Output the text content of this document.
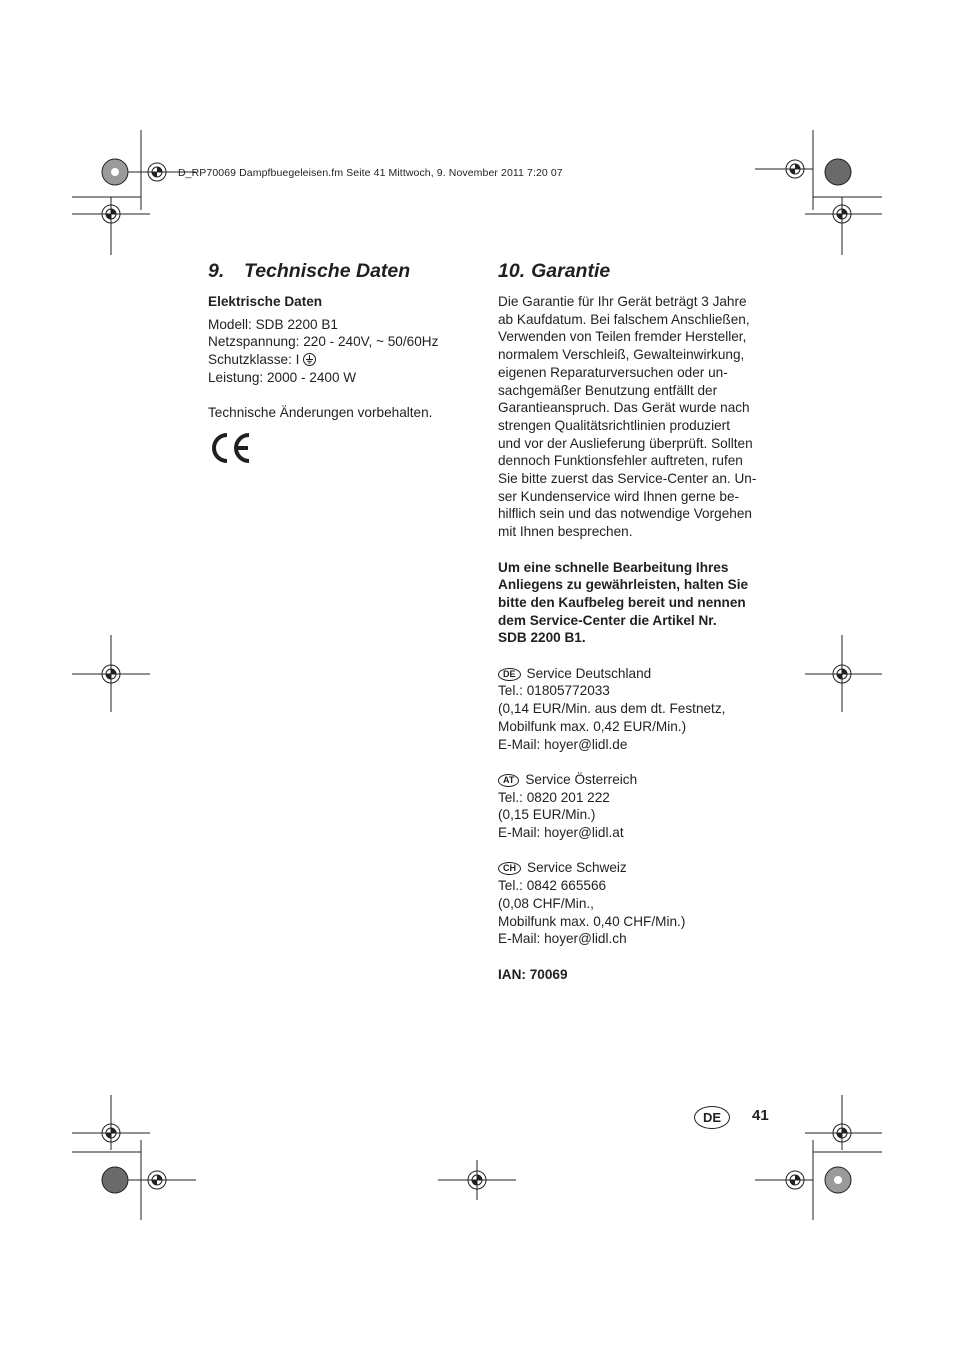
D_RP70069 Dampfbuegeleisen.fm Seite 41 Mittwoch, 9. November 2011 7:20 07
9. Technische Daten
Elektrische Daten
Modell: SDB 2200 B1
Netzspannung: 220 - 240V, ~ 50/60Hz
Schutzklasse: I
Leistung: 2000 - 2400 W
Technische Änderungen vorbehalten.
10. Garantie
Die Garantie für Ihr Gerät beträgt 3 Jahre
ab Kaufdatum. Bei falschem Anschließen,
Verwenden von Teilen fremder Hersteller,
normalem Verschleiß, Gewalteinwirkung,
eigenen Reparaturversuchen oder un-
sachgemäßer Benutzung entfällt der
Garantieanspruch. Das Gerät wurde nach
strengen Qualitätsrichtlinien produziert
und vor der Auslieferung überprüft. Sollten
dennoch Funktionsfehler auftreten, rufen
Sie bitte zuerst das Service-Center an. Un-
ser Kundenservice wird Ihnen gerne be-
hilflich sein und das notwendige Vorgehen
mit Ihnen besprechen.
Um eine schnelle Bearbeitung Ihres
Anliegens zu gewährleisten, halten Sie
bitte den Kaufbeleg bereit und nennen
dem Service-Center die Artikel Nr.
SDB 2200 B1.
DE Service Deutschland
Tel.: 01805772033
(0,14 EUR/Min. aus dem dt. Festnetz,
Mobilfunk max. 0,42 EUR/Min.)
E-Mail: hoyer@lidl.de
AT Service Österreich
Tel.: 0820 201 222
(0,15 EUR/Min.)
E-Mail: hoyer@lidl.at
CH Service Schweiz
Tel.: 0842 665566
(0,08 CHF/Min.,
Mobilfunk max. 0,40 CHF/Min.)
E-Mail: hoyer@lidl.ch
IAN: 70069
DE	41
